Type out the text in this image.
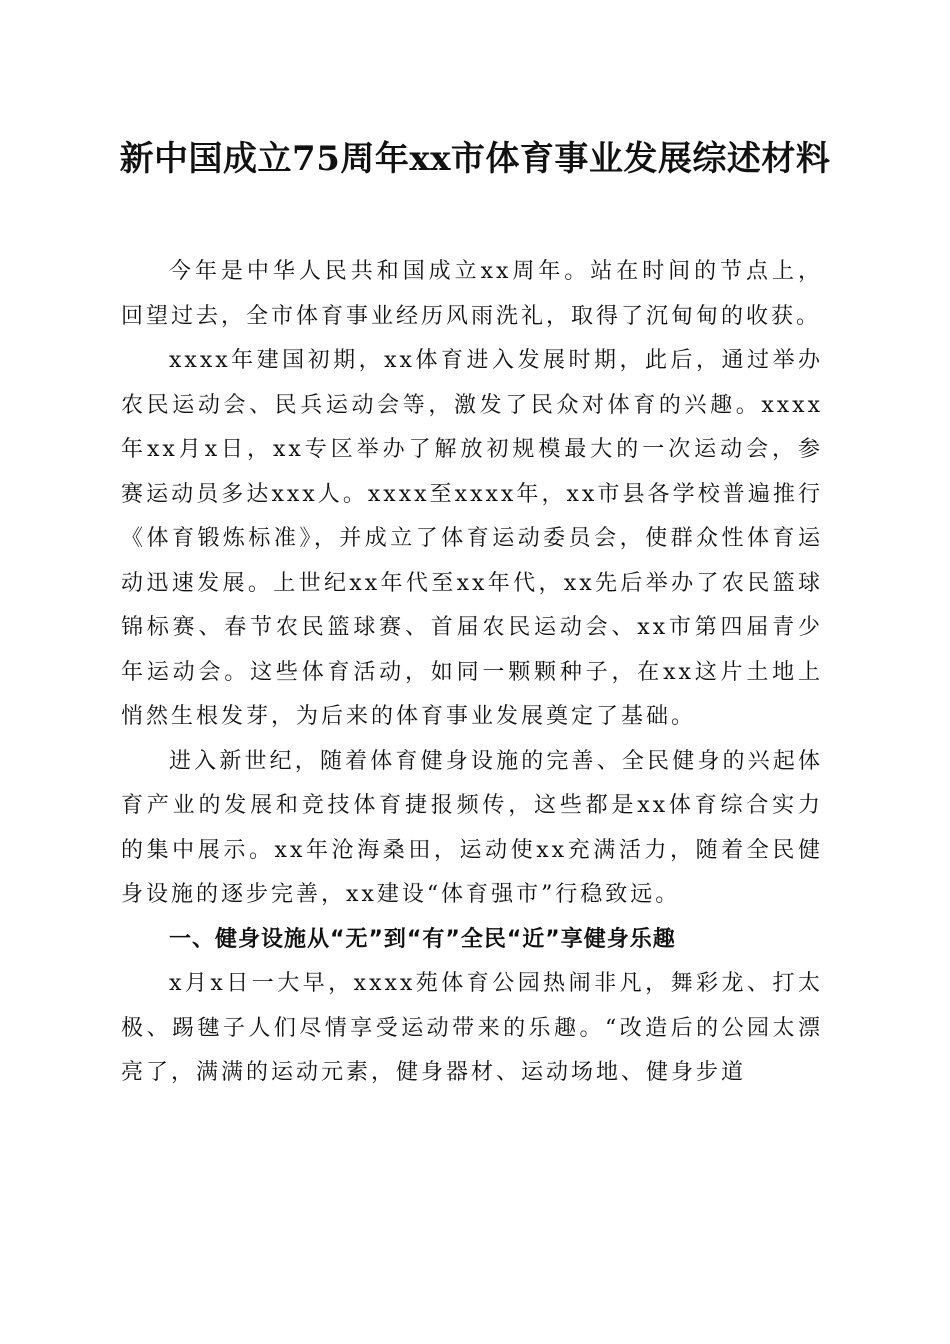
新中国成立75周年xx市体育事业发展综述材料

今年是中华人民共和国成立xx周年。站在时间的节点上，回望过去，全市体育事业经历风雨洗礼，取得了沉甸甸的收获。

xxxx年建国初期，xx体育进入发展时期，此后，通过举办农民运动会、民兵运动会等，激发了民众对体育的兴趣。xxxx年xx月x日，xx专区举办了解放初规模最大的一次运动会，参赛运动员多达xxx人。xxxx至xxxx年，xx市县各学校普遍推行《体育锻炼标准》，并成立了体育运动委员会，使群众性体育运动迅速发展。上世纪xx年代至xx年代，xx先后举办了农民篮球锦标赛、春节农民篮球赛、首届农民运动会、xx市第四届青少年运动会。这些体育活动，如同一颗颗种子，在xx这片土地上悄然生根发芽，为后来的体育事业发展奠定了基础。

进入新世纪，随着体育健身设施的完善、全民健身的兴起体育产业的发展和竞技体育捷报频传，这些都是xx体育综合实力的集中展示。xx年沧海桑田，运动使xx充满活力，随着全民健身设施的逐步完善，xx建设“体育强市”行稳致远。

一、健身设施从“无”到“有”全民“近”享健身乐趣

x月x日一大早，xxxx苑体育公园热闹非凡，舞彩龙、打太极、踢毽子人们尽情享受运动带来的乐趣。“改造后的公园太漂亮了，满满的运动元素，健身器材、运动场地、健身步道
